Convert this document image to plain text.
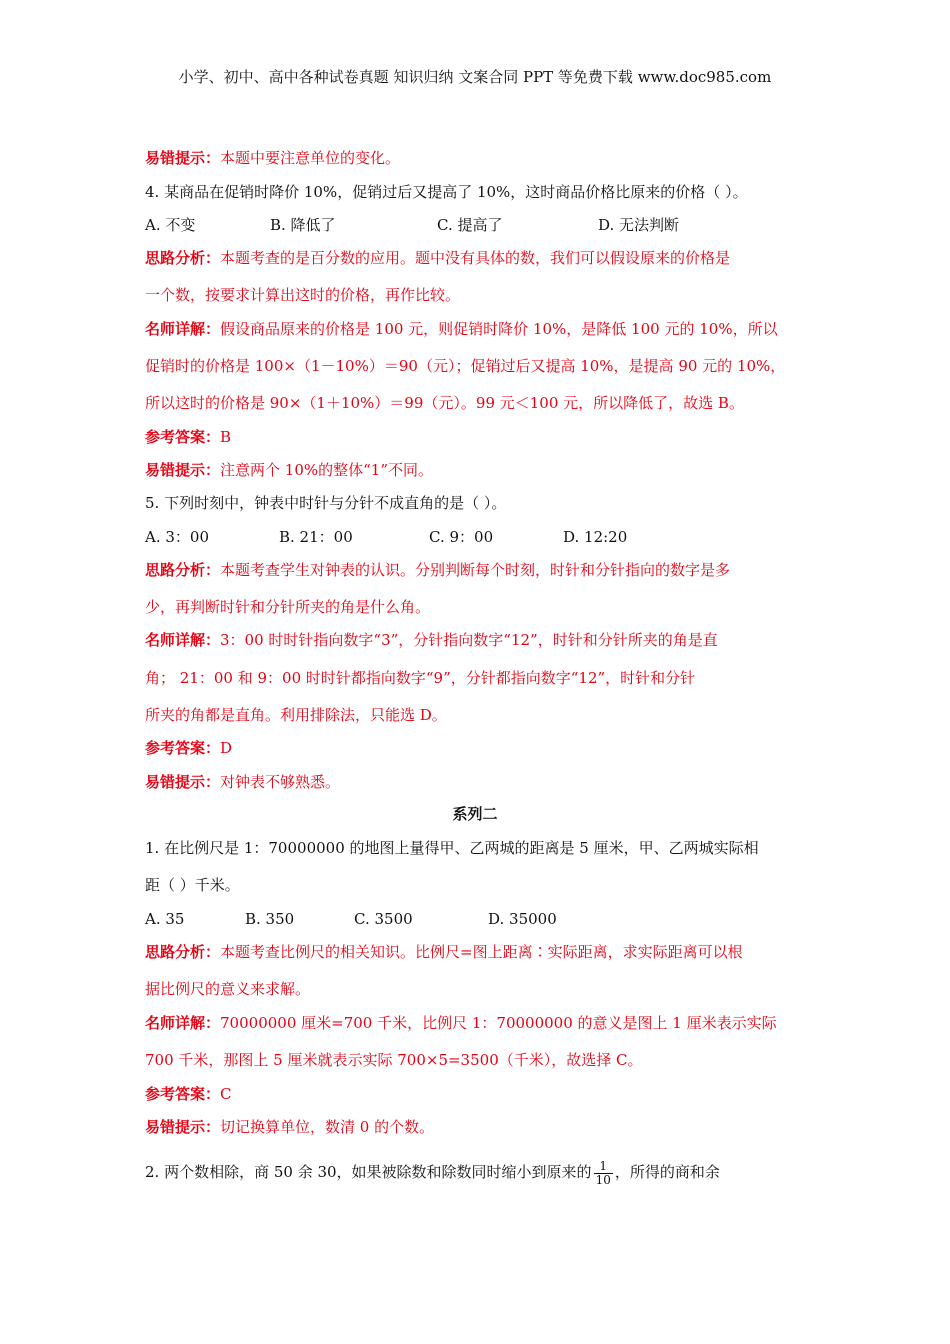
小学、初中、高中各种试卷真题 知识归纳 文案合同 PPT 等免费下载 www.doc985.com
易错提示：本题中要注意单位的变化。
4. 某商品在促销时降价 10%，促销过后又提高了 10%，这时商品价格比原来的价格（ ）。
A. 不变	B. 降低了	C. 提高了	D. 无法判断
思路分析：本题考查的是百分数的应用。题中没有具体的数，我们可以假设原来的价格是
一个数，按要求计算出这时的价格，再作比较。
名师详解：假设商品原来的价格是 100 元，则促销时降价 10%，是降低 100 元的 10%，所以
促销时的价格是 100×（1－10%）＝90（元）；促销过后又提高 10%，是提高 90 元的 10%，
所以这时的价格是 90×（1＋10%）＝99（元）。99 元＜100 元，所以降低了，故选 B。
参考答案：B
易错提示：注意两个 10%的整体“1”不同。
5. 下列时刻中，钟表中时针与分针不成直角的是（ ）。
A. 3：00	B. 21：00	C. 9：00	D. 12:20
思路分析：本题考查学生对钟表的认识。分别判断每个时刻，时针和分针指向的数字是多
少，再判断时针和分针所夹的角是什么角。
名师详解：3：00 时时针指向数字“3”，分针指向数字“12”，时针和分针所夹的角是直
角； 21：00 和 9：00 时时针都指向数字“9”，分针都指向数字“12”，时针和分针
所夹的角都是直角。利用排除法，只能选 D。
参考答案：D
易错提示：对钟表不够熟悉。
系列二
1. 在比例尺是 1：70000000 的地图上量得甲、乙两城的距离是 5 厘米，甲、乙两城实际相
距（ ）千米。
A. 35	B. 350	C. 3500	D. 35000
思路分析：本题考查比例尺的相关知识。比例尺=图上距离∶实际距离，求实际距离可以根
据比例尺的意义来求解。
名师详解：70000000 厘米=700 千米，比例尺 1：70000000 的意义是图上 1 厘米表示实际
700 千米，那图上 5 厘米就表示实际 700×5=3500（千米），故选择 C。
参考答案：C
易错提示：切记换算单位，数清 0 的个数。
2. 两个数相除，商 50 余 30，如果被除数和除数同时缩小到原来的 $\frac{1}{10}$ ，所得的商和余
